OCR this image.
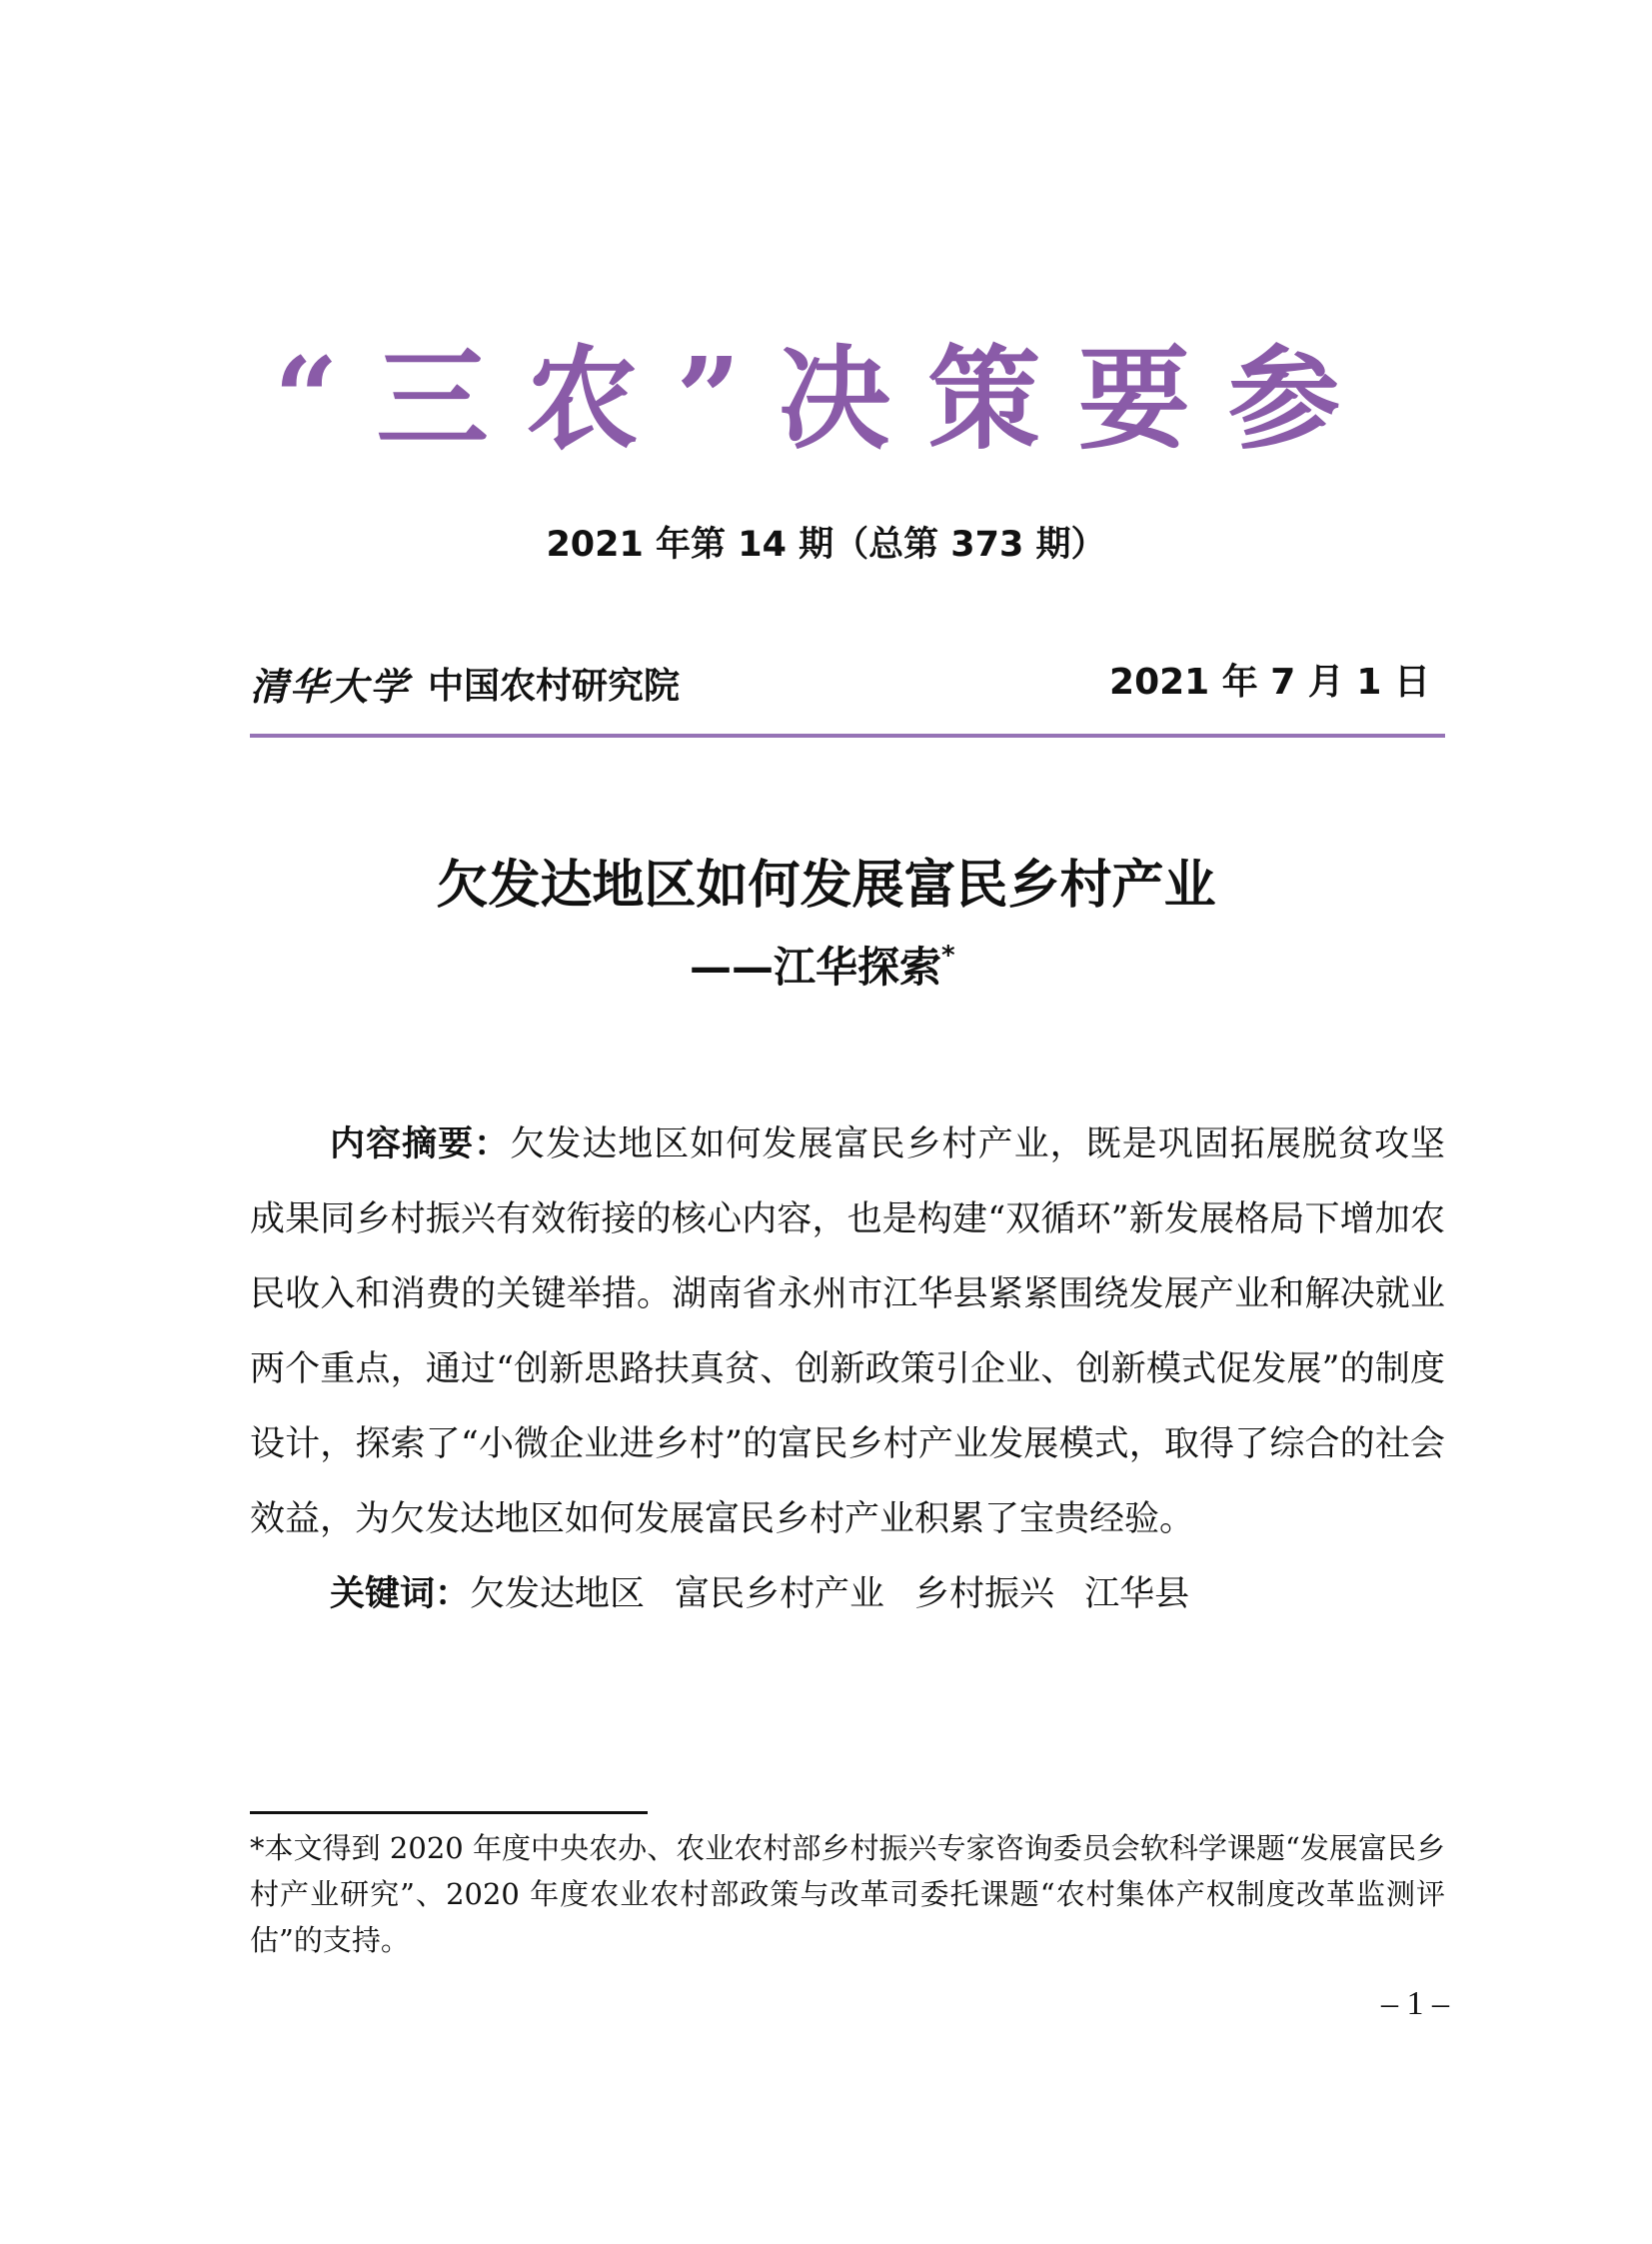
“三农”决策要参
2021 年第 14 期（总第 373 期）
清华大学 中国农村研究院	2021 年 7 月 1 日
欠发达地区如何发展富民乡村产业
——江华探索*

内容摘要：欠发达地区如何发展富民乡村产业，既是巩固拓展脱贫攻坚成果同乡村振兴有效衔接的核心内容，也是构建“双循环”新发展格局下增加农民收入和消费的关键举措。湖南省永州市江华县紧紧围绕发展产业和解决就业两个重点，通过“创新思路扶真贫、创新政策引企业、创新模式促发展”的制度设计，探索了“小微企业进乡村”的富民乡村产业发展模式，取得了综合的社会效益，为欠发达地区如何发展富民乡村产业积累了宝贵经验。

关键词：欠发达地区 富民乡村产业 乡村振兴 江华县

*本文得到 2020 年度中央农办、农业农村部乡村振兴专家咨询委员会软科学课题“发展富民乡村产业研究”、2020 年度农业农村部政策与改革司委托课题“农村集体产权制度改革监测评估”的支持。
– 1 –
